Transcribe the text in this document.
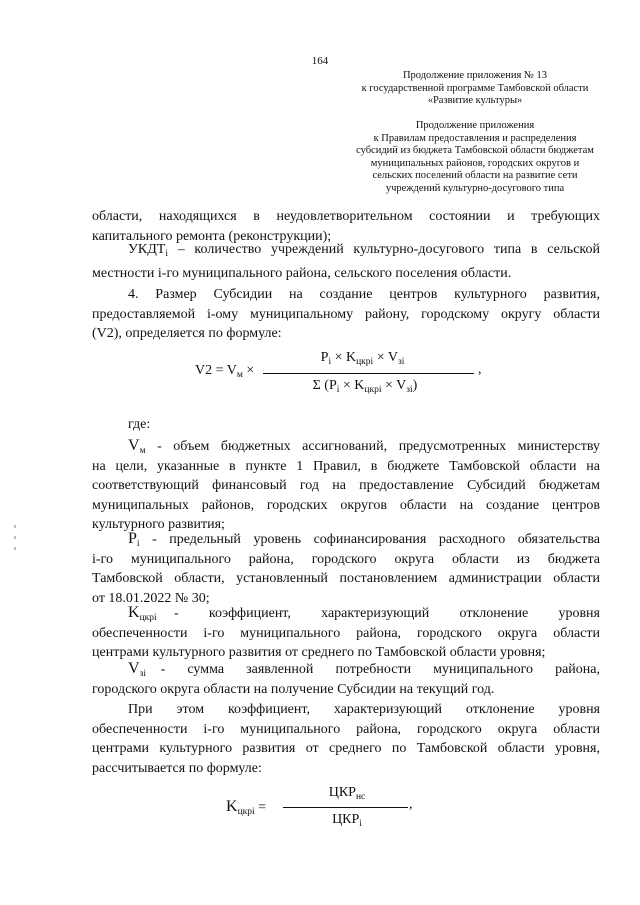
164
Продолжение приложения № 13
к государственной программе Тамбовской области
«Развитие культуры»
Продолжение приложения
к Правилам предоставления и распределения
субсидий из бюджета Тамбовской области бюджетам
муниципальных районов, городских округов и
сельских поселений области на развитие сети
учреждений культурно-досугового типа
области, находящихся в неудовлетворительном состоянии и требующих
капитального ремонта (реконструкции);
$УКДТ_i$ – количество учреждений культурно-досугового типа в сельской
местности i-го муниципального района, сельского поселения области.
4. Размер Субсидии на создание центров культурного развития,
предоставляемой i-ому муниципальному району, городскому округу области
(V2), определяется по формуле:
$V2 = V_м$ ×
$P_i \times K_{цкрi} \times V_{зi}$	,
Σ $(P_i \times K_{цкрi} \times V_{зi})$
где:
$V_м$ - объем бюджетных ассигнований, предусмотренных министерству
на цели, указанные в пункте 1 Правил, в бюджете Тамбовской области на
соответствующий финансовый год на предоставление Субсидий бюджетам
муниципальных районов, городских округов области на создание центров
культурного развития;
$P_i$ - предельный уровень софинансирования расходного обязательства
i-го муниципального района, городского округа области из бюджета
Тамбовской области, установленный постановлением администрации области
от 18.01.2022 № 30;
$K_{цкрi}$    -       коэффициент,       характеризующий       отклонение       уровня
обеспеченности i-го муниципального района, городского округа области
центрами культурного развития от среднего по Тамбовской области уровня;
$V_{зi}$  -   сумма   заявленной   потребности   муниципального   района,
городского округа области на получение Субсидии на текущий год.
При    этом    коэффициент,    характеризующий    отклонение    уровня
обеспеченности i-го муниципального района, городского округа области
центрами культурного развития от среднего по Тамбовской области уровня,
рассчитывается по формуле:
$K_{цкрi}$ =
$ЦКР_{нс}$	,
$ЦКР_i$
